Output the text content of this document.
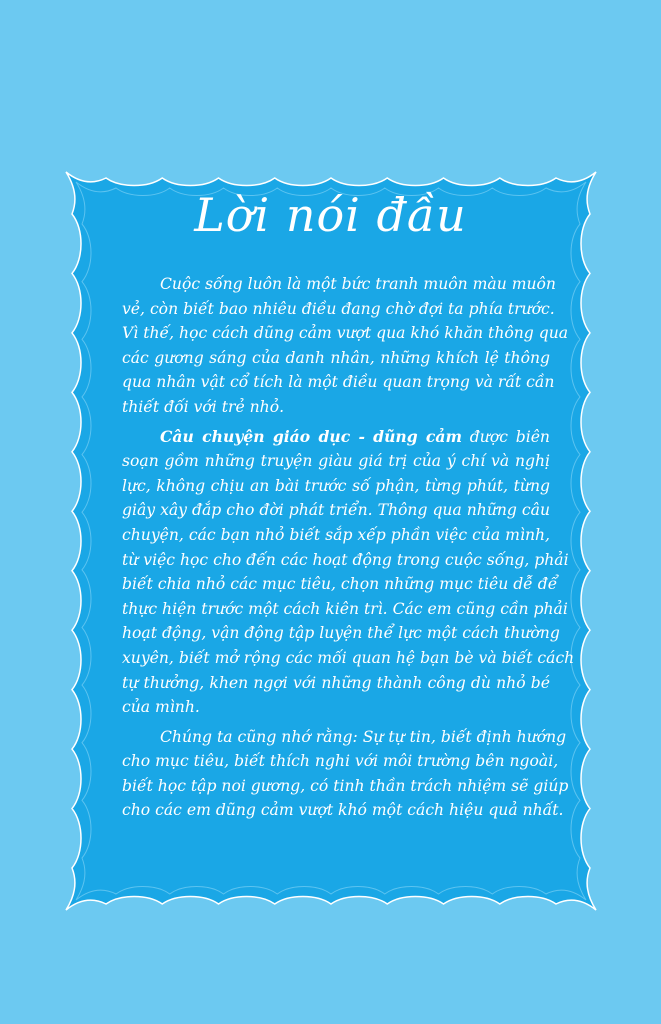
Lời nói đầu

Cuộc sống luôn là một bức tranh muôn màu muôn
vẻ, còn biết bao nhiêu điều đang chờ đợi ta phía trước.
Vì thế, học cách dũng cảm vượt qua khó khăn thông qua
các gương sáng của danh nhân, những khích lệ thông
qua nhân vật cổ tích là một điều quan trọng và rất cần
thiết đối với trẻ nhỏ.

Câu chuyện giáo dục - dũng cảm được biên
soạn gồm những truyện giàu giá trị của ý chí và nghị
lực, không chịu an bài trước số phận, từng phút, từng
giây xây đắp cho đời phát triển. Thông qua những câu
chuyện, các bạn nhỏ biết sắp xếp phần việc của mình,
từ việc học cho đến các hoạt động trong cuộc sống, phải
biết chia nhỏ các mục tiêu, chọn những mục tiêu dễ để
thực hiện trước một cách kiên trì. Các em cũng cần phải
hoạt động, vận động tập luyện thể lực một cách thường
xuyên, biết mở rộng các mối quan hệ bạn bè và biết cách
tự thưởng, khen ngợi với những thành công dù nhỏ bé
của mình.

Chúng ta cũng nhớ rằng: Sự tự tin, biết định hướng
cho mục tiêu, biết thích nghi với môi trường bên ngoài,
biết học tập noi gương, có tinh thần trách nhiệm sẽ giúp
cho các em dũng cảm vượt khó một cách hiệu quả nhất.
